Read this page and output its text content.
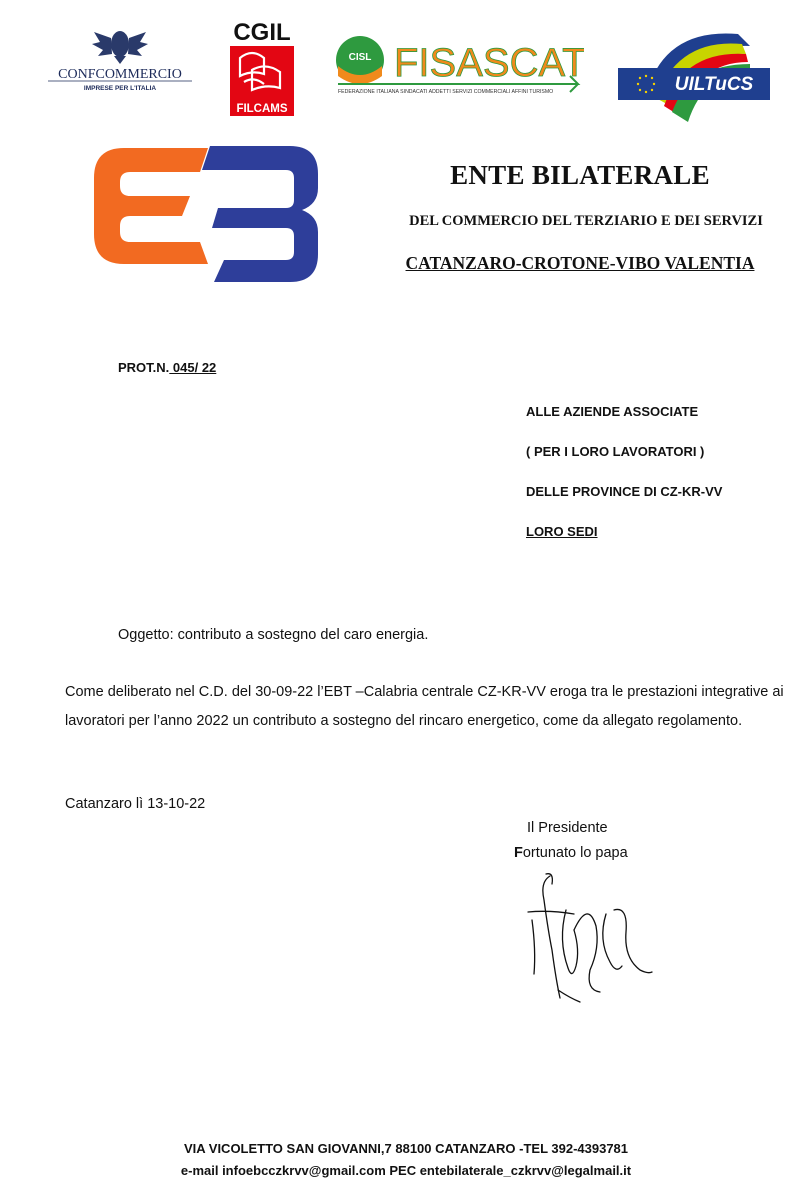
CONFCOMMERCIO
IMPRESE PER L'ITALIA
CGIL
FILCAMS
CISL FISASCAT
FEDERAZIONE ITALIANA SINDACATI ADDETTI SERVIZI COMMERCIALI AFFINI TURISMO	UILTuCS
ENTE BILATERALE
DEL COMMERCIO DEL TERZIARIO E DEI SERVIZI
CATANZARO-CROTONE-VIBO VALENTIA
PROT.N. 045/ 22
ALLE AZIENDE ASSOCIATE
( PER I LORO LAVORATORI )
DELLE PROVINCE DI CZ-KR-VV
LORO SEDI
Oggetto: contributo a sostegno del caro energia.
Come deliberato nel C.D. del 30-09-22 l’EBT –Calabria centrale CZ-KR-VV eroga tra le prestazioni integrative ai lavoratori per l’anno 2022 un contributo a sostegno del rincaro energetico, come da allegato regolamento.
Catanzaro lì 13-10-22
Il Presidente
Fortunato lo papa
VIA VICOLETTO SAN GIOVANNI,7 88100 CATANZARO -TEL 392-4393781
e-mail infoebcczkrvv@gmail.com PEC entebilaterale_czkrvv@legalmail.it
